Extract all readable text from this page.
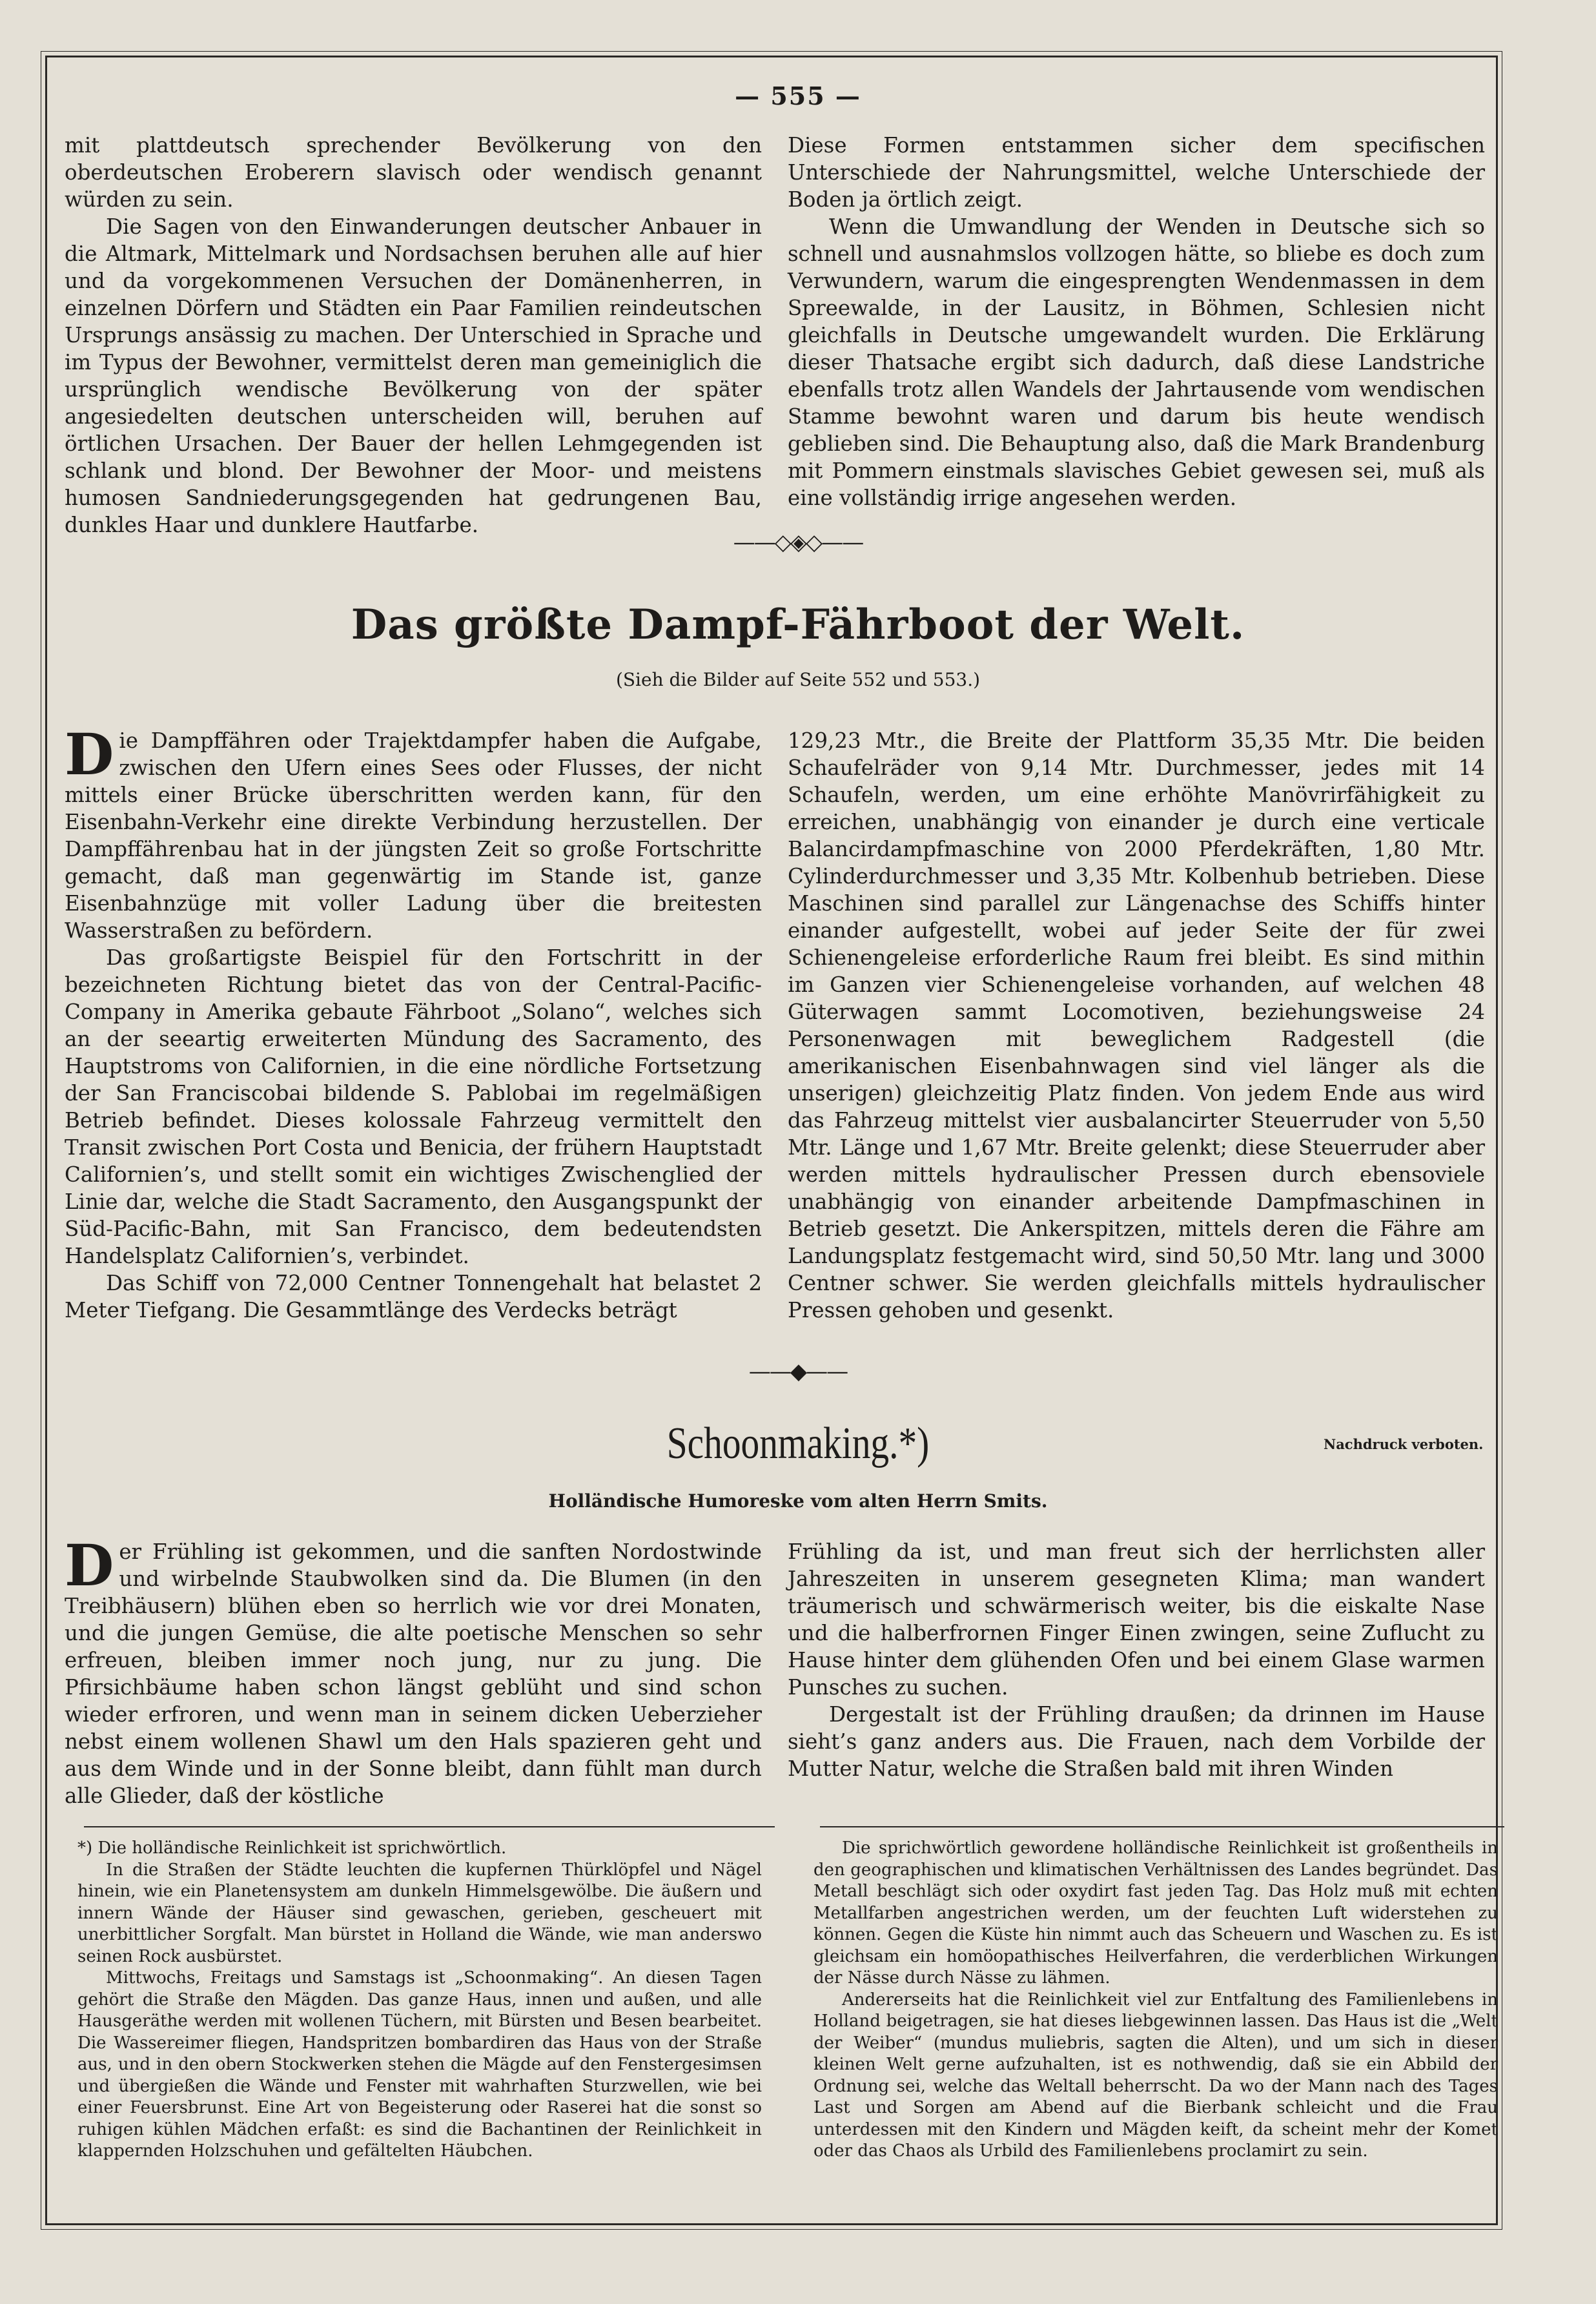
— 555 —

mit plattdeutsch sprechender Bevölkerung von den oberdeutschen Eroberern slavisch oder wendisch genannt würden zu sein.

Die Sagen von den Einwanderungen deutscher Anbauer in die Altmark, Mittelmark und Nordsachsen beruhen alle auf hier und da vorgekommenen Versuchen der Domänenherren, in einzelnen Dörfern und Städten ein Paar Familien reindeutschen Ursprungs ansässig zu machen. Der Unterschied in Sprache und im Typus der Bewohner, vermittelst deren man gemeiniglich die ursprünglich wendische Bevölkerung von der später angesiedelten deutschen unterscheiden will, beruhen auf örtlichen Ursachen. Der Bauer der hellen Lehmgegenden ist schlank und blond. Der Bewohner der Moor- und meistens humosen Sandniederungsgegenden hat gedrungenen Bau, dunkles Haar und dunklere Hautfarbe.

Diese Formen entstammen sicher dem specifischen Unterschiede der Nahrungsmittel, welche Unterschiede der Boden ja örtlich zeigt.

Wenn die Umwandlung der Wenden in Deutsche sich so schnell und ausnahmslos vollzogen hätte, so bliebe es doch zum Verwundern, warum die eingesprengten Wendenmassen in dem Spreewalde, in der Lausitz, in Böhmen, Schlesien nicht gleichfalls in Deutsche umgewandelt wurden. Die Erklärung dieser Thatsache ergibt sich dadurch, daß diese Landstriche ebenfalls trotz allen Wandels der Jahrtausende vom wendischen Stamme bewohnt waren und darum bis heute wendisch geblieben sind. Die Behauptung also, daß die Mark Brandenburg mit Pommern einstmals slavisches Gebiet gewesen sei, muß als eine vollständig irrige angesehen werden.

——◇◈◇——
Das größte Dampf-Fährboot der Welt.
(Sieh die Bilder auf Seite 552 und 553.)

Die Dampffähren oder Trajektdampfer haben die Aufgabe, zwischen den Ufern eines Sees oder Flusses, der nicht mittels einer Brücke überschritten werden kann, für den Eisenbahn-Verkehr eine direkte Verbindung herzustellen. Der Dampffährenbau hat in der jüngsten Zeit so große Fortschritte gemacht, daß man gegenwärtig im Stande ist, ganze Eisenbahnzüge mit voller Ladung über die breitesten Wasserstraßen zu befördern.

Das großartigste Beispiel für den Fortschritt in der bezeichneten Richtung bietet das von der Central-Pacific-Company in Amerika gebaute Fährboot „Solano“, welches sich an der seeartig erweiterten Mündung des Sacramento, des Hauptstroms von Californien, in die eine nördliche Fortsetzung der San Franciscobai bildende S. Pablobai im regelmäßigen Betrieb befindet. Dieses kolossale Fahrzeug vermittelt den Transit zwischen Port Costa und Benicia, der frühern Hauptstadt Californien’s, und stellt somit ein wichtiges Zwischenglied der Linie dar, welche die Stadt Sacramento, den Ausgangspunkt der Süd-Pacific-Bahn, mit San Francisco, dem bedeutendsten Handelsplatz Californien’s, verbindet.

Das Schiff von 72,000 Centner Tonnengehalt hat belastet 2 Meter Tiefgang. Die Gesammtlänge des Verdecks beträgt

129,23 Mtr., die Breite der Plattform 35,35 Mtr. Die beiden Schaufelräder von 9,14 Mtr. Durchmesser, jedes mit 14 Schaufeln, werden, um eine erhöhte Manövrirfähigkeit zu erreichen, unabhängig von einander je durch eine verticale Balancirdampfmaschine von 2000 Pferdekräften, 1,80 Mtr. Cylinderdurchmesser und 3,35 Mtr. Kolbenhub betrieben. Diese Maschinen sind parallel zur Längenachse des Schiffs hinter einander aufgestellt, wobei auf jeder Seite der für zwei Schienengeleise erforderliche Raum frei bleibt. Es sind mithin im Ganzen vier Schienengeleise vorhanden, auf welchen 48 Güterwagen sammt Locomotiven, beziehungsweise 24 Personenwagen mit beweglichem Radgestell (die amerikanischen Eisenbahnwagen sind viel länger als die unserigen) gleichzeitig Platz finden. Von jedem Ende aus wird das Fahrzeug mittelst vier ausbalancirter Steuerruder von 5,50 Mtr. Länge und 1,67 Mtr. Breite gelenkt; diese Steuerruder aber werden mittels hydraulischer Pressen durch ebensoviele unabhängig von einander arbeitende Dampfmaschinen in Betrieb gesetzt. Die Ankerspitzen, mittels deren die Fähre am Landungsplatz festgemacht wird, sind 50,50 Mtr. lang und 3000 Centner schwer. Sie werden gleichfalls mittels hydraulischer Pressen gehoben und gesenkt.

——◆——
Schoonmaking.*)	Nachdruck verboten.
Holländische Humoreske vom alten Herrn Smits.

Der Frühling ist gekommen, und die sanften Nordostwinde und wirbelnde Staubwolken sind da. Die Blumen (in den Treibhäusern) blühen eben so herrlich wie vor drei Monaten, und die jungen Gemüse, die alte poetische Menschen so sehr erfreuen, bleiben immer noch jung, nur zu jung. Die Pfirsichbäume haben schon längst geblüht und sind schon wieder erfroren, und wenn man in seinem dicken Ueberzieher nebst einem wollenen Shawl um den Hals spazieren geht und aus dem Winde und in der Sonne bleibt, dann fühlt man durch alle Glieder, daß der köstliche

Frühling da ist, und man freut sich der herrlichsten aller Jahreszeiten in unserem gesegneten Klima; man wandert träumerisch und schwärmerisch weiter, bis die eiskalte Nase und die halberfrornen Finger Einen zwingen, seine Zuflucht zu Hause hinter dem glühenden Ofen und bei einem Glase warmen Punsches zu suchen.

Dergestalt ist der Frühling draußen; da drinnen im Hause sieht’s ganz anders aus. Die Frauen, nach dem Vorbilde der Mutter Natur, welche die Straßen bald mit ihren Winden

*) Die holländische Reinlichkeit ist sprichwörtlich.

In die Straßen der Städte leuchten die kupfernen Thürklöpfel und Nägel hinein, wie ein Planetensystem am dunkeln Himmelsgewölbe. Die äußern und innern Wände der Häuser sind gewaschen, gerieben, gescheuert mit unerbittlicher Sorgfalt. Man bürstet in Holland die Wände, wie man anderswo seinen Rock ausbürstet.

Mittwochs, Freitags und Samstags ist „Schoonmaking“. An diesen Tagen gehört die Straße den Mägden. Das ganze Haus, innen und außen, und alle Hausgeräthe werden mit wollenen Tüchern, mit Bürsten und Besen bearbeitet. Die Wassereimer fliegen, Handspritzen bombardiren das Haus von der Straße aus, und in den obern Stockwerken stehen die Mägde auf den Fenstergesimsen und übergießen die Wände und Fenster mit wahrhaften Sturzwellen, wie bei einer Feuersbrunst. Eine Art von Begeisterung oder Raserei hat die sonst so ruhigen kühlen Mädchen erfaßt: es sind die Bachantinen der Reinlichkeit in klappernden Holzschuhen und gefältelten Häubchen.

Die sprichwörtlich gewordene holländische Reinlichkeit ist großentheils in den geographischen und klimatischen Verhältnissen des Landes begründet. Das Metall beschlägt sich oder oxydirt fast jeden Tag. Das Holz muß mit echten Metallfarben angestrichen werden, um der feuchten Luft widerstehen zu können. Gegen die Küste hin nimmt auch das Scheuern und Waschen zu. Es ist gleichsam ein homöopathisches Heilverfahren, die verderblichen Wirkungen der Nässe durch Nässe zu lähmen.

Andererseits hat die Reinlichkeit viel zur Entfaltung des Familienlebens in Holland beigetragen, sie hat dieses liebgewinnen lassen. Das Haus ist die „Welt der Weiber“ (mundus muliebris, sagten die Alten), und um sich in dieser kleinen Welt gerne aufzuhalten, ist es nothwendig, daß sie ein Abbild der Ordnung sei, welche das Weltall beherrscht. Da wo der Mann nach des Tages Last und Sorgen am Abend auf die Bierbank schleicht und die Frau unterdessen mit den Kindern und Mägden keift, da scheint mehr der Komet oder das Chaos als Urbild des Familienlebens proclamirt zu sein.
